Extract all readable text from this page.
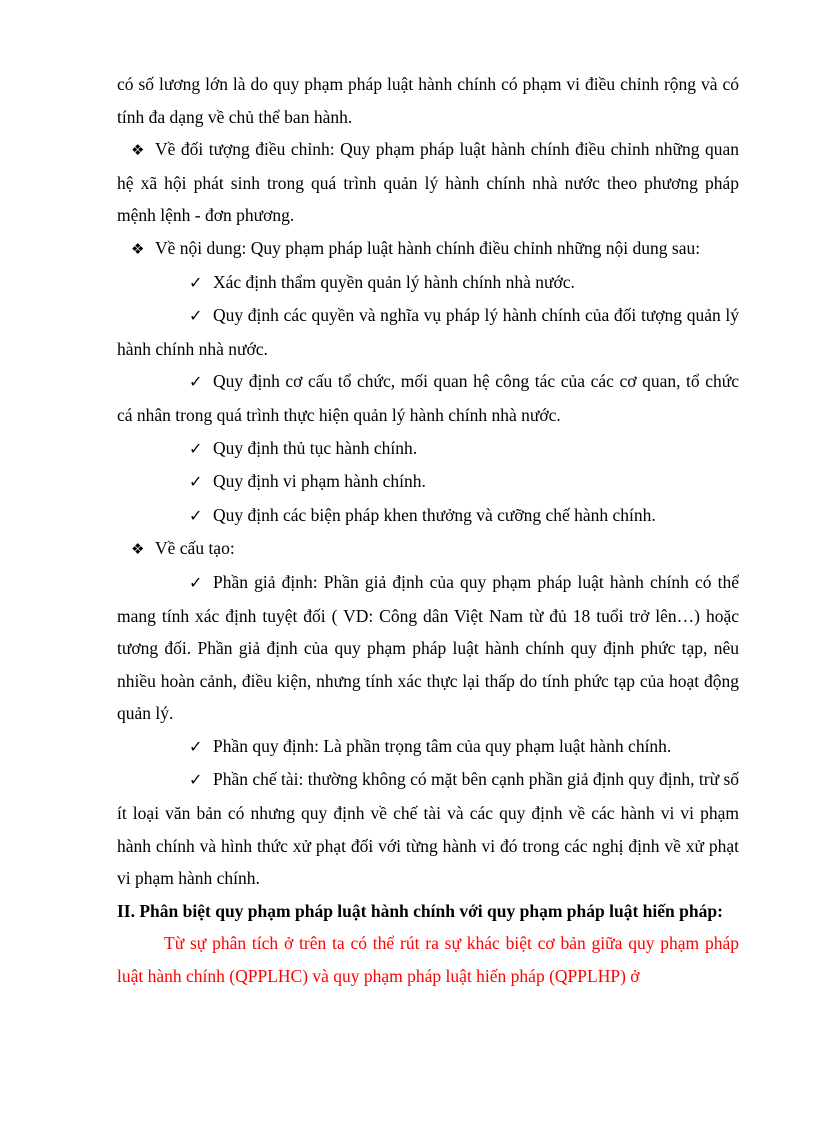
có số lương lớn là do quy phạm pháp luật hành chính có phạm vi điều chỉnh rộng và có tính đa dạng về chủ thể ban hành.

❖ Về đối tượng điều chỉnh: Quy phạm pháp luật hành chính điều chỉnh những quan hệ xã hội phát sinh trong quá trình quản lý hành chính nhà nước theo phương pháp mệnh lệnh - đơn phương.

❖ Về nội dung: Quy phạm pháp luật hành chính điều chỉnh những nội dung sau:

✓ Xác định thẩm quyền quản lý hành chính nhà nước.

✓ Quy định các quyền và nghĩa vụ pháp lý hành chính của đối tượng quản lý hành chính nhà nước.

✓ Quy định cơ cấu tổ chức, mối quan hệ công tác của các cơ quan, tổ chức cá nhân trong quá trình thực hiện quản lý hành chính nhà nước.

✓ Quy định thủ tục hành chính.

✓ Quy định vi phạm hành chính.

✓ Quy định các biện pháp khen thưởng và cưỡng chế hành chính.

❖ Về cấu tạo:

✓ Phần giả định: Phần giả định của quy phạm pháp luật hành chính có thể mang tính xác định tuyệt đối ( VD: Công dân Việt Nam từ đủ 18 tuổi trở lên…) hoặc tương đối. Phần giả định của quy phạm pháp luật hành chính quy định phức tạp, nêu nhiều hoàn cảnh, điều kiện, nhưng tính xác thực lại thấp do tính phức tạp của hoạt động quản lý.

✓ Phần quy định: Là phần trọng tâm của quy phạm luật hành chính.

✓ Phần chế tài: thường không có mặt bên cạnh phần giả định quy định, trừ số ít loại văn bản có nhưng quy định về chế tài và các quy định về các hành vi vi phạm hành chính và hình thức xử phạt đối với từng hành vi đó trong các nghị định về xử phạt vi phạm hành chính.

II. Phân biệt quy phạm pháp luật hành chính với quy phạm pháp luật hiến pháp:

Từ sự phân tích ở trên ta có thể rút ra sự khác biệt cơ bản giữa quy phạm pháp luật hành chính (QPPLHC) và quy phạm pháp luật hiến pháp (QPPLHP) ở
